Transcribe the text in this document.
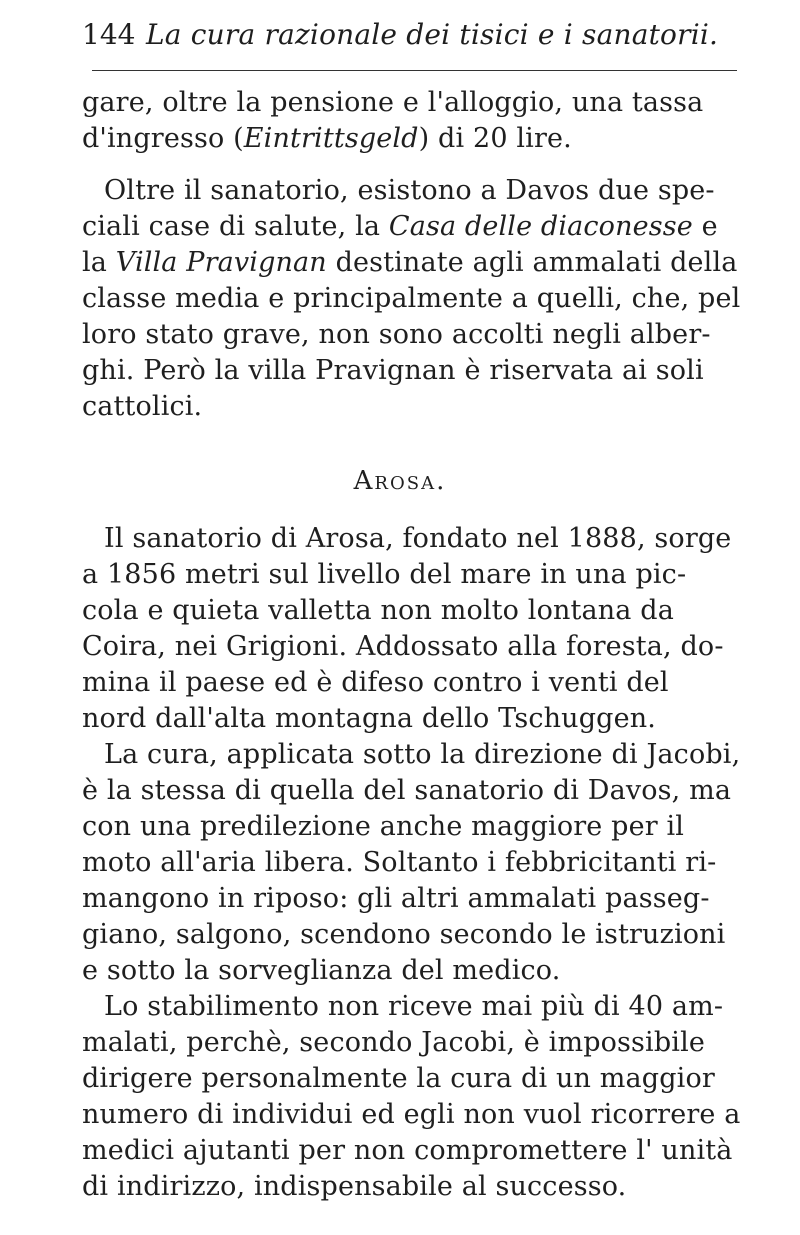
144 La cura razionale dei tisici e i sanatorii.
gare, oltre la pensione e l'alloggio, una tassa
d'ingresso (Eintrittsgeld) di 20 lire.
Oltre il sanatorio, esistono a Davos due spe-
ciali case di salute, la Casa delle diaconesse e
la Villa Pravignan destinate agli ammalati della
classe media e principalmente a quelli, che, pel
loro stato grave, non sono accolti negli alber-
ghi. Però la villa Pravignan è riservata ai soli
cattolici.
Arosa.
Il sanatorio di Arosa, fondato nel 1888, sorge
a 1856 metri sul livello del mare in una pic-
cola e quieta valletta non molto lontana da
Coira, nei Grigioni. Addossato alla foresta, do-
mina il paese ed è difeso contro i venti del
nord dall'alta montagna dello Tschuggen.
La cura, applicata sotto la direzione di Jacobi,
è la stessa di quella del sanatorio di Davos, ma
con una predilezione anche maggiore per il
moto all'aria libera. Soltanto i febbricitanti ri-
mangono in riposo: gli altri ammalati passeg-
giano, salgono, scendono secondo le istruzioni
e sotto la sorveglianza del medico.
Lo stabilimento non riceve mai più di 40 am-
malati, perchè, secondo Jacobi, è impossibile
dirigere personalmente la cura di un maggior
numero di individui ed egli non vuol ricorrere a
medici ajutanti per non compromettere l' unità
di indirizzo, indispensabile al successo.
